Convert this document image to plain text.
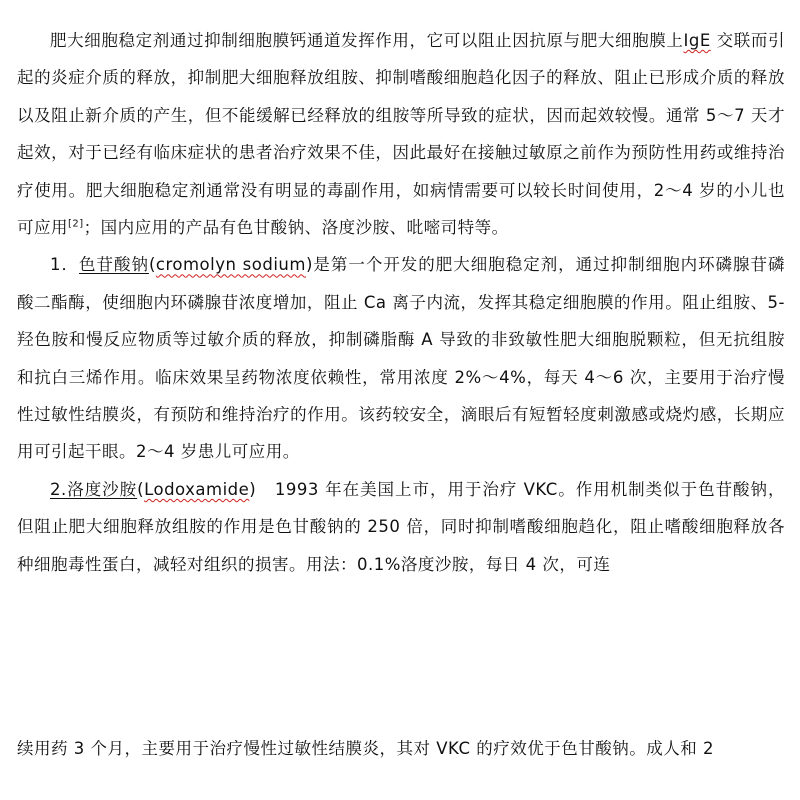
肥大细胞稳定剂通过抑制细胞膜钙通道发挥作用，它可以阻止因抗原与肥大细胞膜上IgE 交联而引起的炎症介质的释放，抑制肥大细胞释放组胺、抑制嗜酸细胞趋化因子的释放、阻止已形成介质的释放以及阻止新介质的产生，但不能缓解已经释放的组胺等所导致的症状，因而起效较慢。通常 5～7 天才起效，对于已经有临床症状的患者治疗效果不佳，因此最好在接触过敏原之前作为预防性用药或维持治疗使用。肥大细胞稳定剂通常没有明显的毒副作用，如病情需要可以较长时间使用，2～4 岁的小儿也可应用[2]；国内应用的产品有色甘酸钠、洛度沙胺、吡嘧司特等。

1．色苷酸钠(cromolyn sodium)是第一个开发的肥大细胞稳定剂，通过抑制细胞内环磷腺苷磷酸二酯酶，使细胞内环磷腺苷浓度增加，阻止 Ca 离子内流，发挥其稳定细胞膜的作用。阻止组胺、5-羟色胺和慢反应物质等过敏介质的释放，抑制磷脂酶 A 导致的非致敏性肥大细胞脱颗粒，但无抗组胺和抗白三烯作用。临床效果呈药物浓度依赖性，常用浓度 2%～4%，每天 4～6 次，主要用于治疗慢性过敏性结膜炎，有预防和维持治疗的作用。该药较安全，滴眼后有短暂轻度刺激感或烧灼感，长期应用可引起干眼。2～4 岁患儿可应用。

2.洛度沙胺(Lodoxamide)   1993 年在美国上市，用于治疗 VKC。作用机制类似于色苷酸钠，但阻止肥大细胞释放组胺的作用是色甘酸钠的 250 倍，同时抑制嗜酸细胞趋化，阻止嗜酸细胞释放各种细胞毒性蛋白，减轻对组织的损害。用法：0.1%洛度沙胺，每日 4 次，可连

续用药 3 个月，主要用于治疗慢性过敏性结膜炎，其对 VKC 的疗效优于色甘酸钠。成人和 2
